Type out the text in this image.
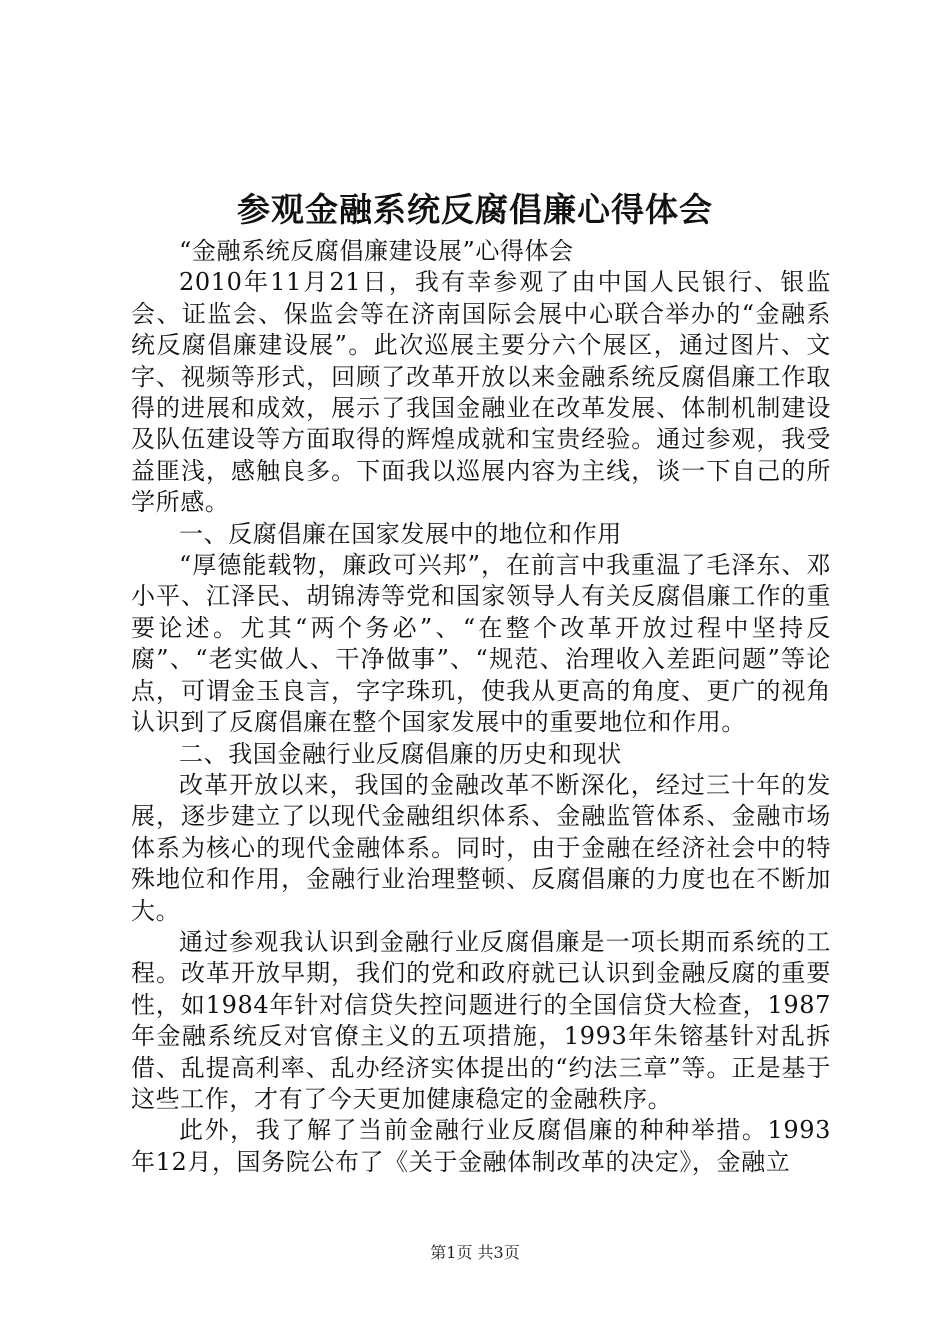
参观金融系统反腐倡廉心得体会

“金融系统反腐倡廉建设展”心得体会

2010年11月21日，我有幸参观了由中国人民银行、银监会、证监会、保监会等在济南国际会展中心联合举办的“金融系统反腐倡廉建设展”。此次巡展主要分六个展区，通过图片、文字、视频等形式，回顾了改革开放以来金融系统反腐倡廉工作取得的进展和成效，展示了我国金融业在改革发展、体制机制建设及队伍建设等方面取得的辉煌成就和宝贵经验。通过参观，我受益匪浅，感触良多。下面我以巡展内容为主线，谈一下自己的所学所感。

一、反腐倡廉在国家发展中的地位和作用

“厚德能载物，廉政可兴邦”，在前言中我重温了毛泽东、邓小平、江泽民、胡锦涛等党和国家领导人有关反腐倡廉工作的重要论述。尤其“两个务必”、“在整个改革开放过程中坚持反腐”、“老实做人、干净做事”、“规范、治理收入差距问题”等论点，可谓金玉良言，字字珠玑，使我从更高的角度、更广的视角认识到了反腐倡廉在整个国家发展中的重要地位和作用。

二、我国金融行业反腐倡廉的历史和现状

改革开放以来，我国的金融改革不断深化，经过三十年的发展，逐步建立了以现代金融组织体系、金融监管体系、金融市场体系为核心的现代金融体系。同时，由于金融在经济社会中的特殊地位和作用，金融行业治理整顿、反腐倡廉的力度也在不断加大。

通过参观我认识到金融行业反腐倡廉是一项长期而系统的工程。改革开放早期，我们的党和政府就已认识到金融反腐的重要性，如1984年针对信贷失控问题进行的全国信贷大检查，1987年金融系统反对官僚主义的五项措施，1993年朱镕基针对乱拆借、乱提高利率、乱办经济实体提出的“约法三章”等。正是基于这些工作，才有了今天更加健康稳定的金融秩序。

此外，我了解了当前金融行业反腐倡廉的种种举措。1993年12月，国务院公布了《关于金融体制改革的决定》，金融立

第1页 共3页
